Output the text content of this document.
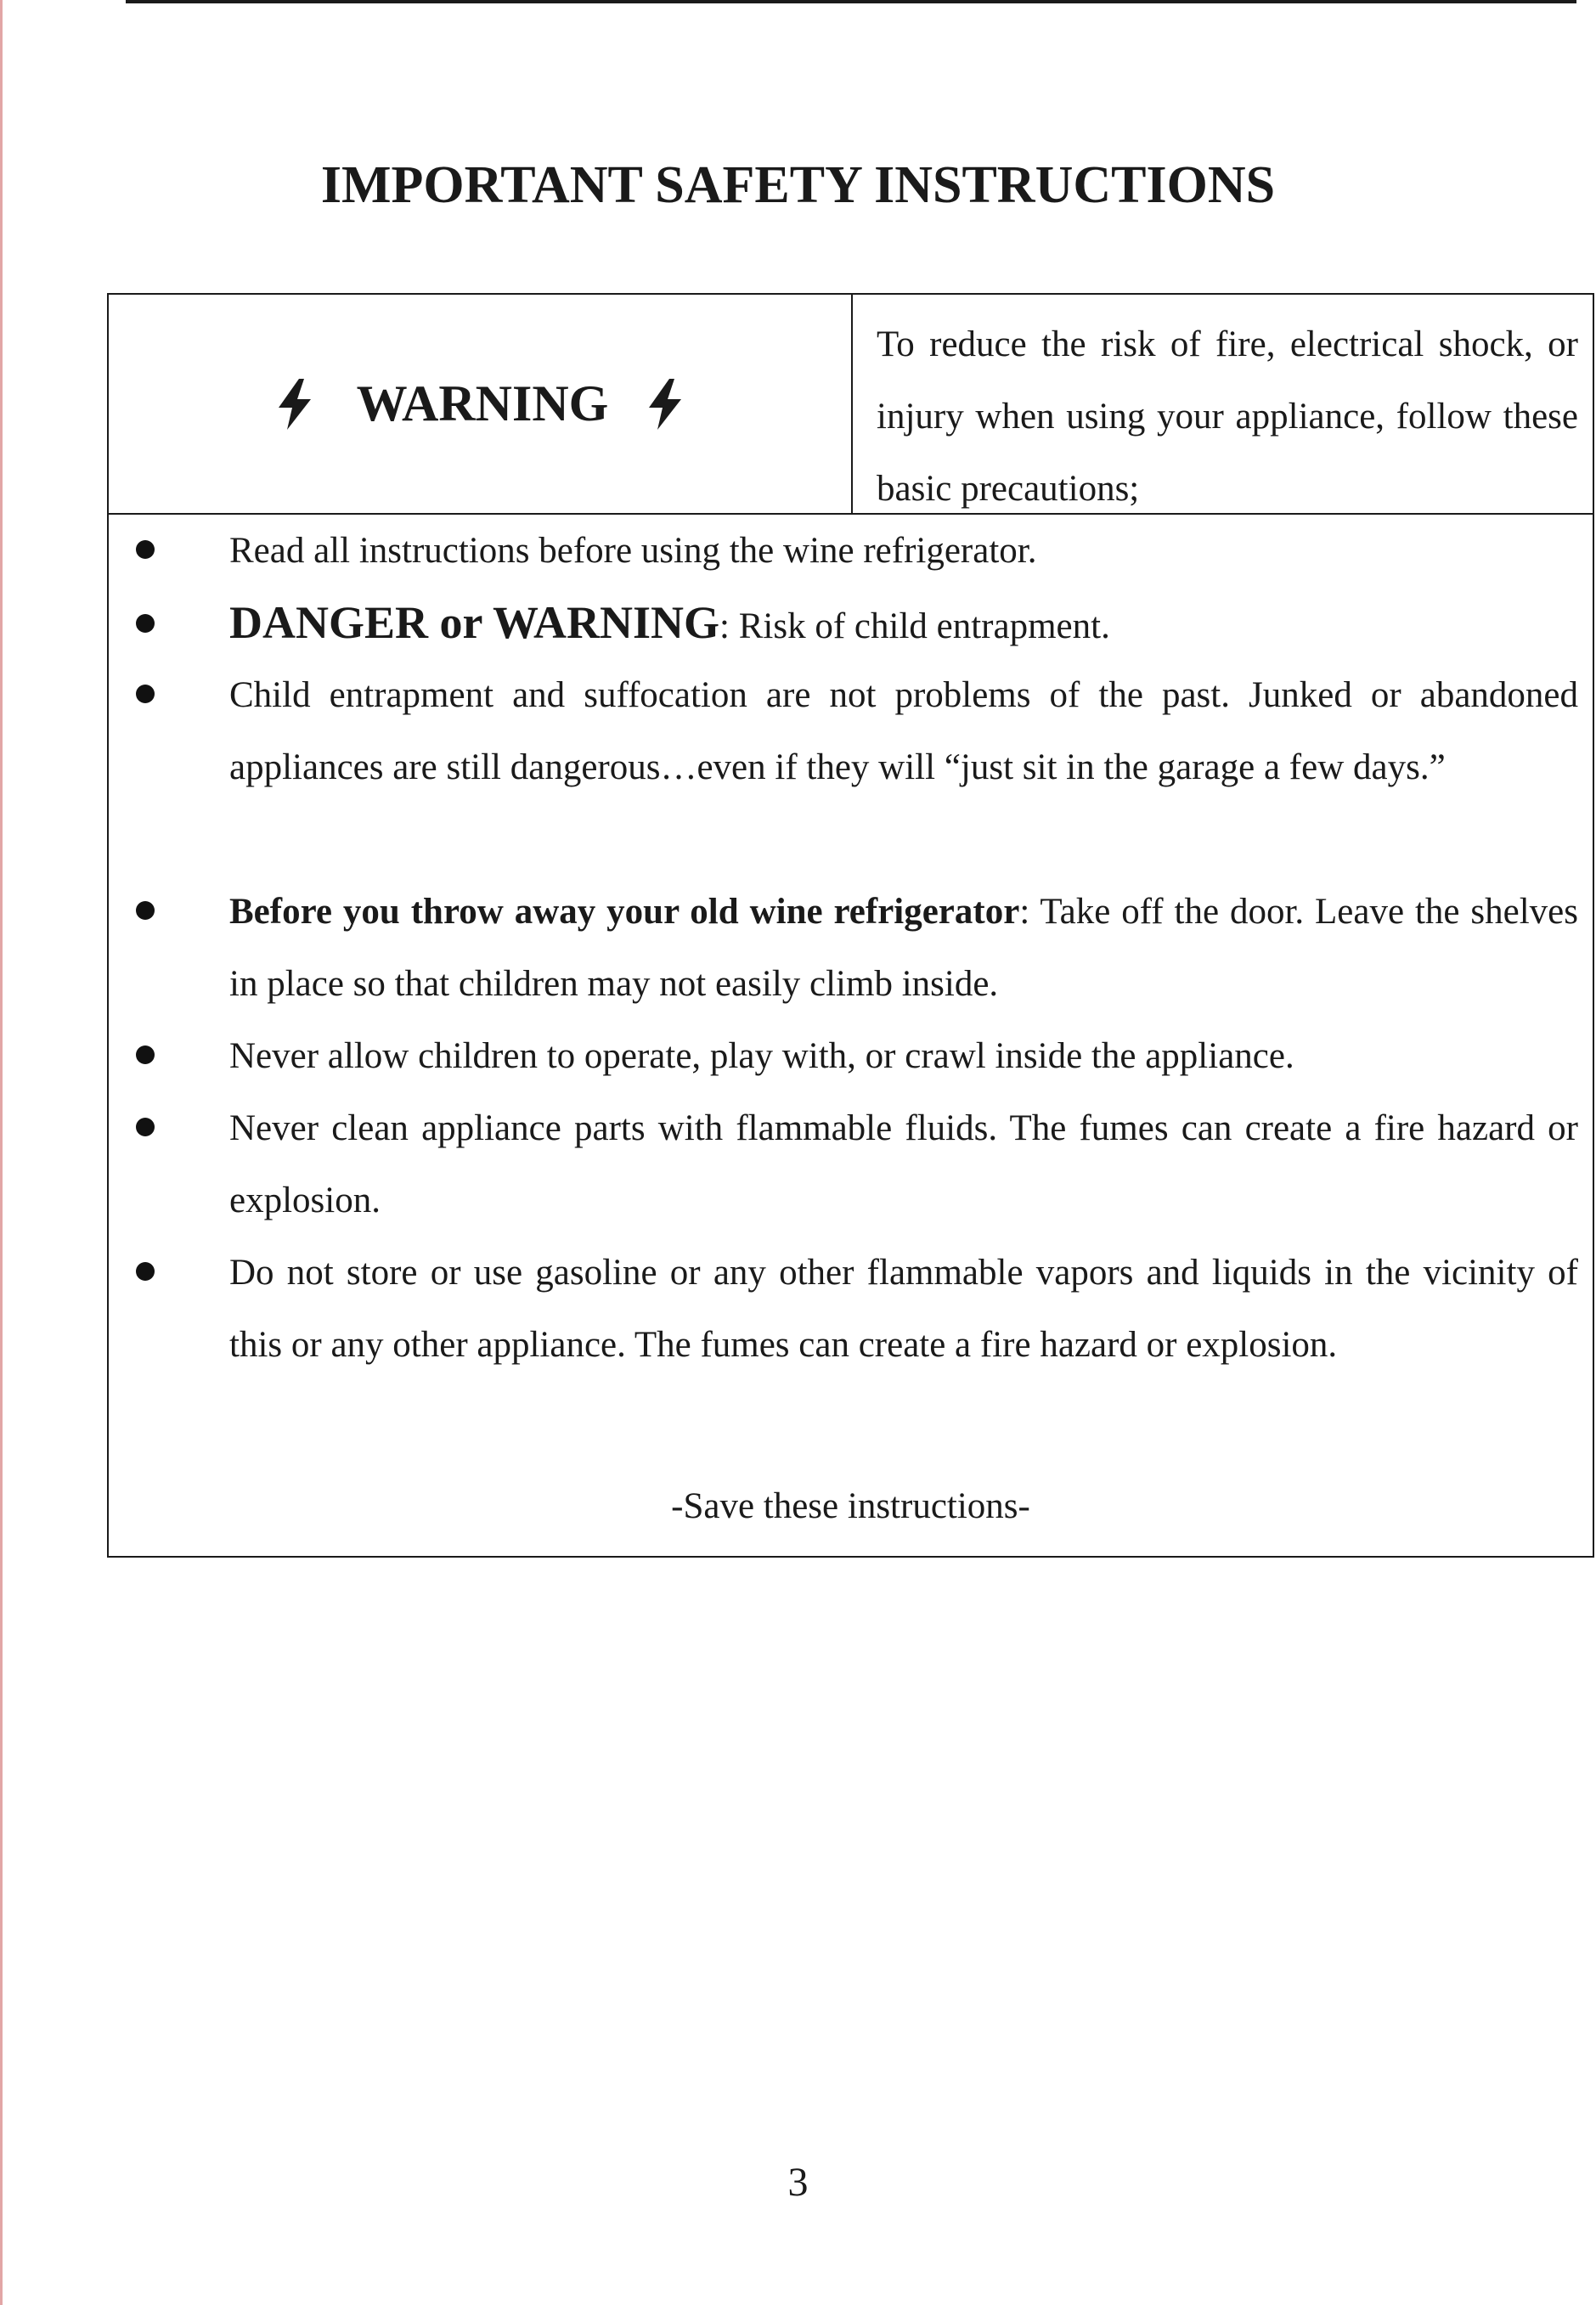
IMPORTANT SAFETY INSTRUCTIONS
WARNING
To reduce the risk of fire, electrical shock, or injury when using your appliance, follow these basic precautions;
Read all instructions before using the wine refrigerator.
DANGER or WARNING: Risk of child entrapment.
Child entrapment and suffocation are not problems of the past. Junked or abandoned appliances are still dangerous…even if they will “just sit in the garage a few days.”
Before you throw away your old wine refrigerator: Take off the door. Leave the shelves in place so that children may not easily climb inside.
Never allow children to operate, play with, or crawl inside the appliance.
Never clean appliance parts with flammable fluids. The fumes can create a fire hazard or explosion.
Do not store or use gasoline or any other flammable vapors and liquids in the vicinity of this or any other appliance. The fumes can create a fire hazard or explosion.
-Save these instructions-
3
